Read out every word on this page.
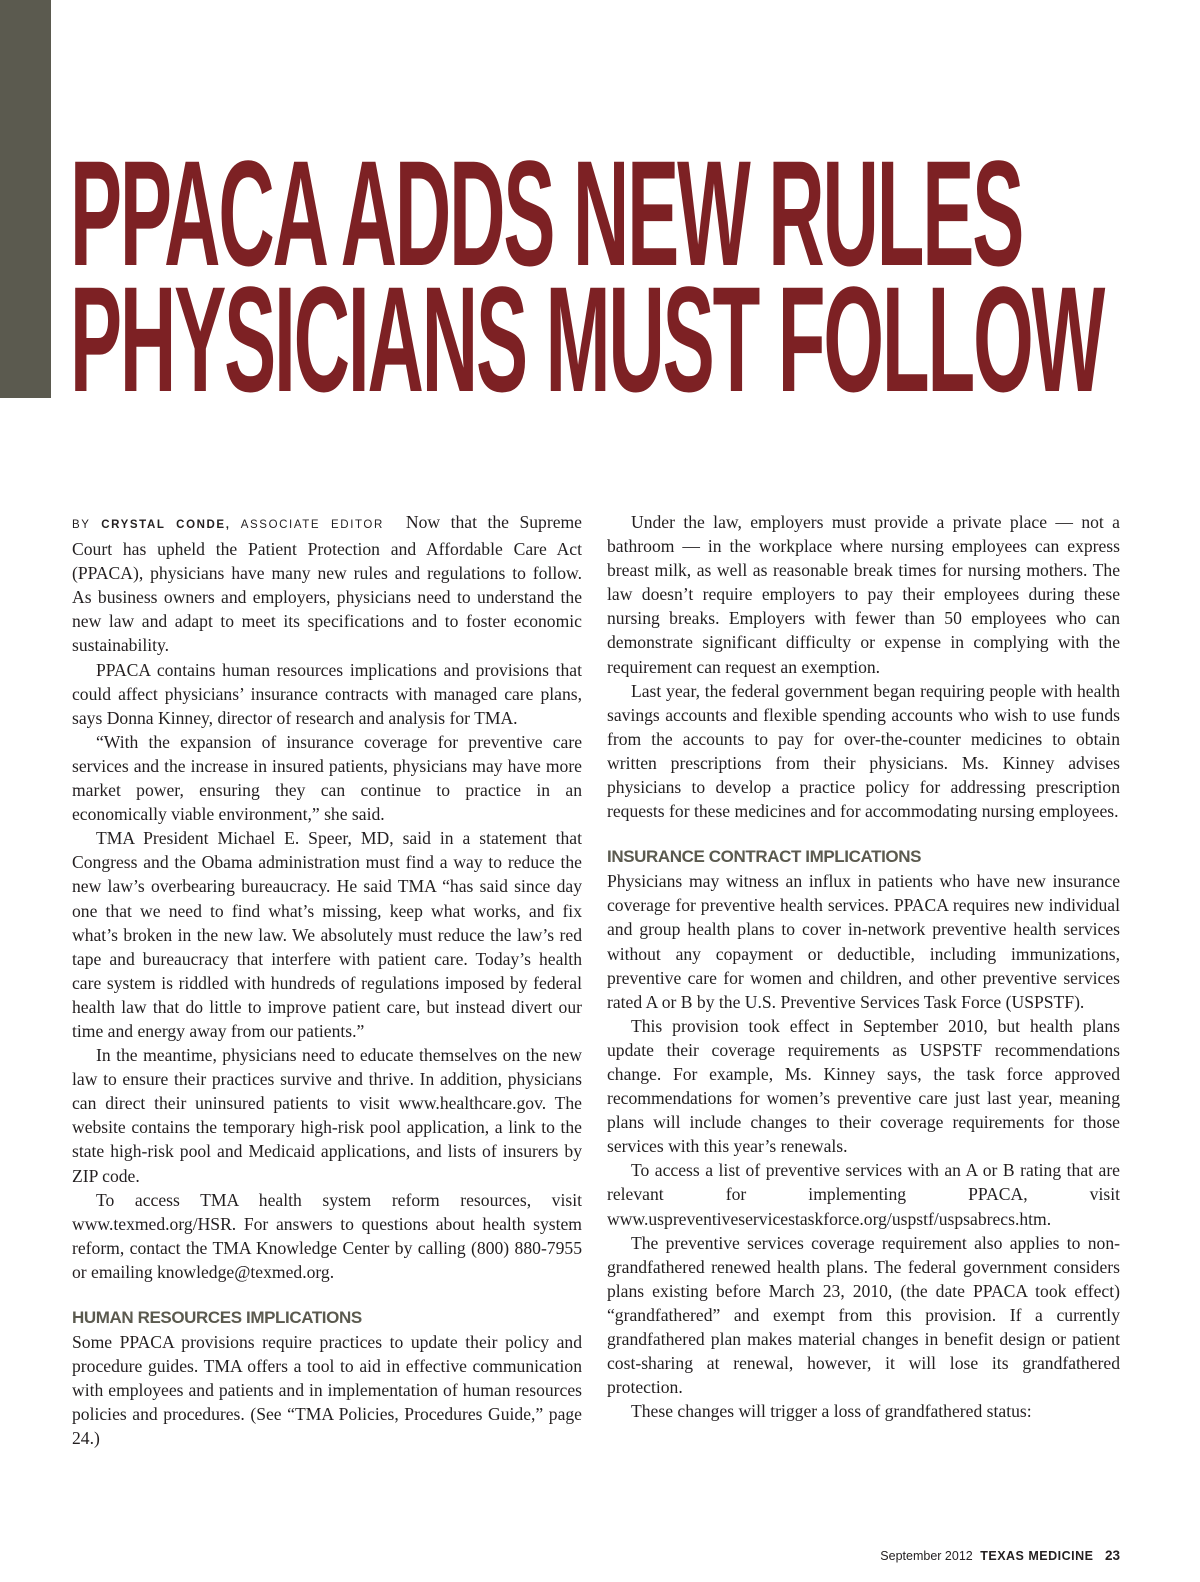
PPACA ADDS NEW RULES
PHYSICIANS MUST FOLLOW

BY CRYSTAL CONDE, ASSOCIATE EDITOR Now that the Supreme Court has upheld the Patient Protection and Affordable Care Act (PPACA), physicians have many new rules and regulations to follow. As business owners and employers, physicians need to understand the new law and adapt to meet its specifications and to foster economic sustainability.

PPACA contains human resources implications and provisions that could affect physicians’ insurance contracts with managed care plans, says Donna Kinney, director of research and analysis for TMA.

“With the expansion of insurance coverage for preventive care services and the increase in insured patients, physicians may have more market power, ensuring they can continue to practice in an economically viable environment,” she said.

TMA President Michael E. Speer, MD, said in a statement that Congress and the Obama administration must find a way to reduce the new law’s overbearing bureaucracy. He said TMA “has said since day one that we need to find what’s missing, keep what works, and fix what’s broken in the new law. We absolutely must reduce the law’s red tape and bureaucracy that interfere with patient care. Today’s health care system is riddled with hundreds of regulations imposed by federal health law that do little to improve patient care, but instead divert our time and energy away from our patients.”

In the meantime, physicians need to educate themselves on the new law to ensure their practices survive and thrive. In addition, physicians can direct their uninsured patients to visit www.healthcare.gov. The website contains the temporary high-risk pool application, a link to the state high-risk pool and Medicaid applications, and lists of insurers by ZIP code.

To access TMA health system reform resources, visit www.texmed.org/HSR. For answers to questions about health system reform, contact the TMA Knowledge Center by calling (800) 880-7955 or emailing knowledge@texmed.org.

HUMAN RESOURCES IMPLICATIONS

Some PPACA provisions require practices to update their policy and procedure guides. TMA offers a tool to aid in effective communication with employees and patients and in implementation of human resources policies and procedures. (See “TMA Policies, Procedures Guide,” page 24.)

Under the law, employers must provide a private place — not a bathroom — in the workplace where nursing employees can express breast milk, as well as reasonable break times for nursing mothers. The law doesn’t require employers to pay their employees during these nursing breaks. Employers with fewer than 50 employees who can demonstrate significant difficulty or expense in complying with the requirement can request an exemption.

Last year, the federal government began requiring people with health savings accounts and flexible spending accounts who wish to use funds from the accounts to pay for over-the-counter medicines to obtain written prescriptions from their physicians. Ms. Kinney advises physicians to develop a practice policy for addressing prescription requests for these medicines and for accommodating nursing employees.

INSURANCE CONTRACT IMPLICATIONS

Physicians may witness an influx in patients who have new insurance coverage for preventive health services. PPACA requires new individual and group health plans to cover in-network preventive health services without any copayment or deductible, including immunizations, preventive care for women and children, and other preventive services rated A or B by the U.S. Preventive Services Task Force (USPSTF).

This provision took effect in September 2010, but health plans update their coverage requirements as USPSTF recommendations change. For example, Ms. Kinney says, the task force approved recommendations for women’s preventive care just last year, meaning plans will include changes to their coverage requirements for those services with this year’s renewals.

To access a list of preventive services with an A or B rating that are relevant for implementing PPACA, visit www.uspreventiveservicestaskforce.org/uspstf/uspsabrecs.htm.

The preventive services coverage requirement also applies to non-grandfathered renewed health plans. The federal government considers plans existing before March 23, 2010, (the date PPACA took effect) “grandfathered” and exempt from this provision. If a currently grandfathered plan makes material changes in benefit design or patient cost-sharing at renewal, however, it will lose its grandfathered protection.

These changes will trigger a loss of grandfathered status:

September 2012 TEXAS MEDICINE 23
